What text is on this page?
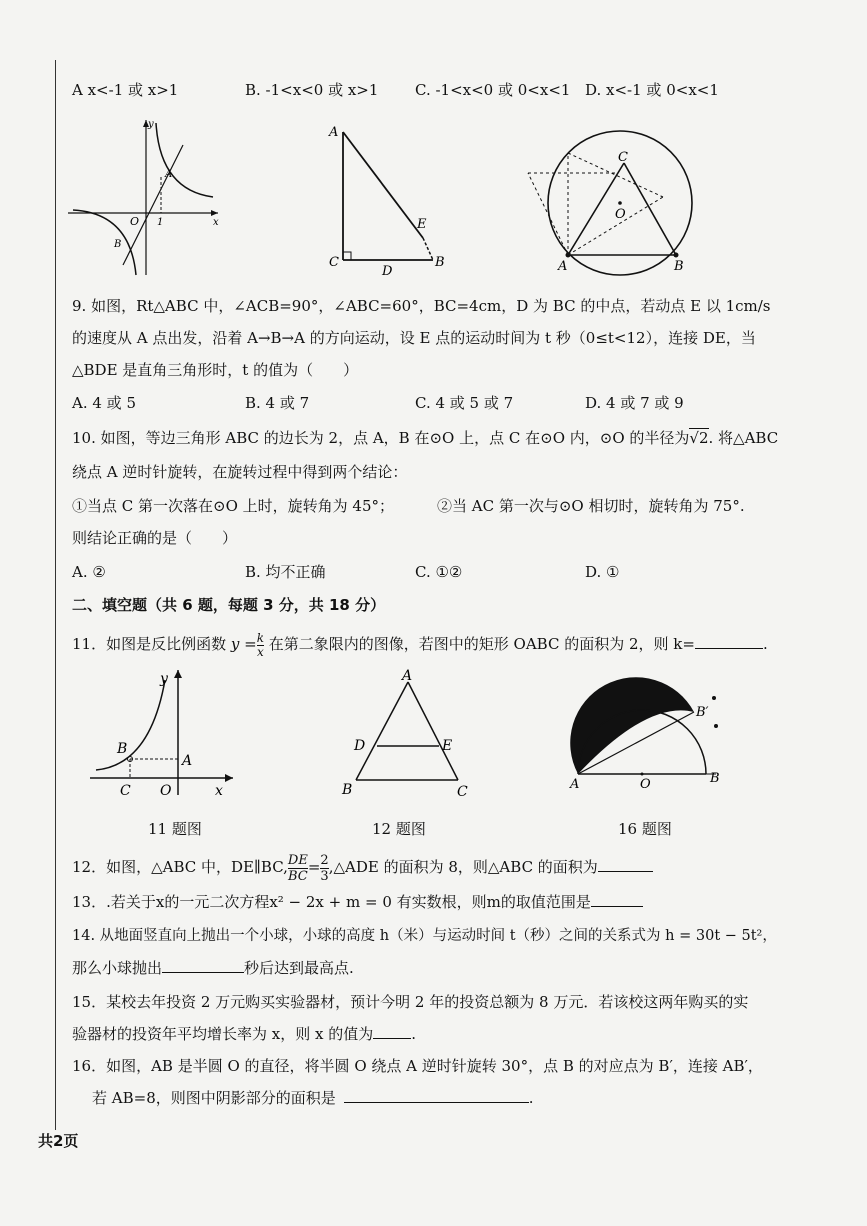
A x<-1 或 x>1	B. -1<x<0 或 x>1 C. -1<x<0 或 0<x<1 D. x<-1 或 0<x<1
y
x
O 1
A
B
A
C
D
B
E
C
O
A	B
9. 如图，Rt△ABC 中，∠ACB=90°，∠ABC=60°，BC=4cm，D 为 BC 的中点，若动点 E 以 1cm/s
的速度从 A 点出发，沿着 A→B→A 的方向运动，设 E 点的运动时间为 t 秒（0≤t<12），连接 DE，当
△BDE 是直角三角形时，t 的值为（　　）
A. 4 或 5	B. 4 或 7	C. 4 或 5 或 7	D. 4 或 7 或 9
10. 如图，等边三角形 ABC 的边长为 2，点 A，B 在⊙O 上，点 C 在⊙O 内，⊙O 的半径为√2. 将△ABC
绕点 A 逆时针旋转，在旋转过程中得到两个结论：
①当点 C 第一次落在⊙O 上时，旋转角为 45°；	②当 AC 第一次与⊙O 相切时，旋转角为 75°.
则结论正确的是（　　）
A. ②	B. 均不正确	C. ①②	D. ①
二、填空题（共 6 题，每题 3 分，共 18 分）
11．如图是反比例函数 $y = \frac{k}{x}$ 在第二象限内的图像，若图中的矩形 OABC 的面积为 2，则 k=	.
y
x
A
B
C O
11 题图
A
D	E
B	C
12 题图
A	O	B
B′
16 题图
12．如图，△ABC 中，DE∥BC, $\frac{DE}{BC} = \frac{2}{3}$ ,△ADE 的面积为 8，则△ABC 的面积为
13．.若关于x的一元二次方程x² − 2x + m = 0 有实数根，则m的取值范围是
14. 从地面竖直向上抛出一个小球，小球的高度 h（米）与运动时间 t（秒）之间的关系式为 h = 30t − 5t²，
那么小球抛出	秒后达到最高点.
15．某校去年投资 2 万元购买实验器材，预计今明 2 年的投资总额为 8 万元．若该校这两年购买的实
验器材的投资年平均增长率为 x，则 x 的值为	.
16．如图，AB 是半圆 O 的直径，将半圆 O 绕点 A 逆时针旋转 30°，点 B 的对应点为 B′，连接 AB′，
若 AB=8，则图中阴影部分的面积是	.
共2页
